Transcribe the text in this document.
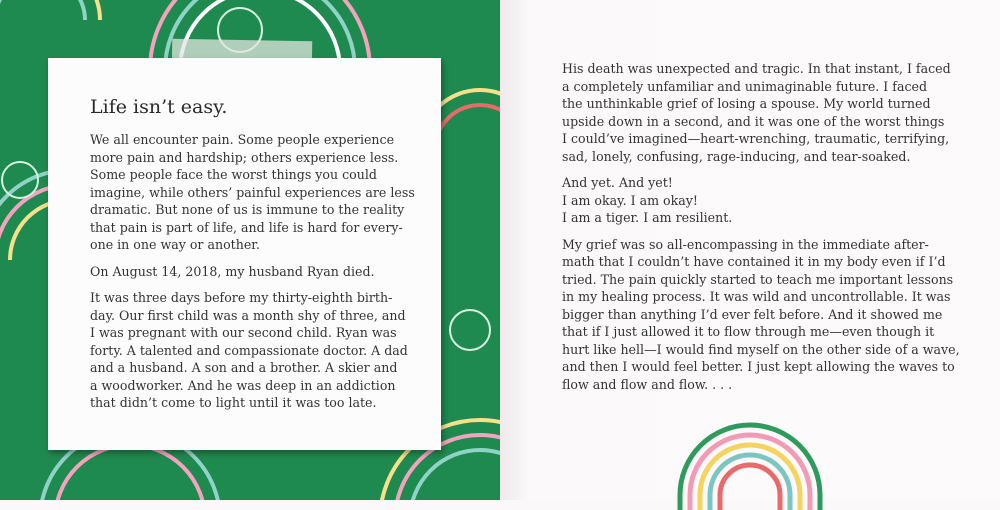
Life isn’t easy.
We all encounter pain. Some people experience
more pain and hardship; others experience less.
Some people face the worst things you could
imagine, while others’ painful experiences are less
dramatic. But none of us is immune to the reality
that pain is part of life, and life is hard for every-
one in one way or another.
On August 14, 2018, my husband Ryan died.
It was three days before my thirty-eighth birth-
day. Our first child was a month shy of three, and
I was pregnant with our second child. Ryan was
forty. A talented and compassionate doctor. A dad
and a husband. A son and a brother. A skier and
a woodworker. And he was deep in an addiction
that didn’t come to light until it was too late.
His death was unexpected and tragic. In that instant, I faced
a completely unfamiliar and unimaginable future. I faced
the unthinkable grief of losing a spouse. My world turned
upside down in a second, and it was one of the worst things
I could’ve imagined—heart-wrenching, traumatic, terrifying,
sad, lonely, confusing, rage-inducing, and tear-soaked.
And yet. And yet!
I am okay. I am okay!
I am a tiger. I am resilient.
My grief was so all-encompassing in the immediate after-
math that I couldn’t have contained it in my body even if I’d
tried. The pain quickly started to teach me important lessons
in my healing process. It was wild and uncontrollable. It was
bigger than anything I’d ever felt before. And it showed me
that if I just allowed it to flow through me—even though it
hurt like hell—I would find myself on the other side of a wave,
and then I would feel better. I just kept allowing the waves to
flow and flow and flow. . . .
